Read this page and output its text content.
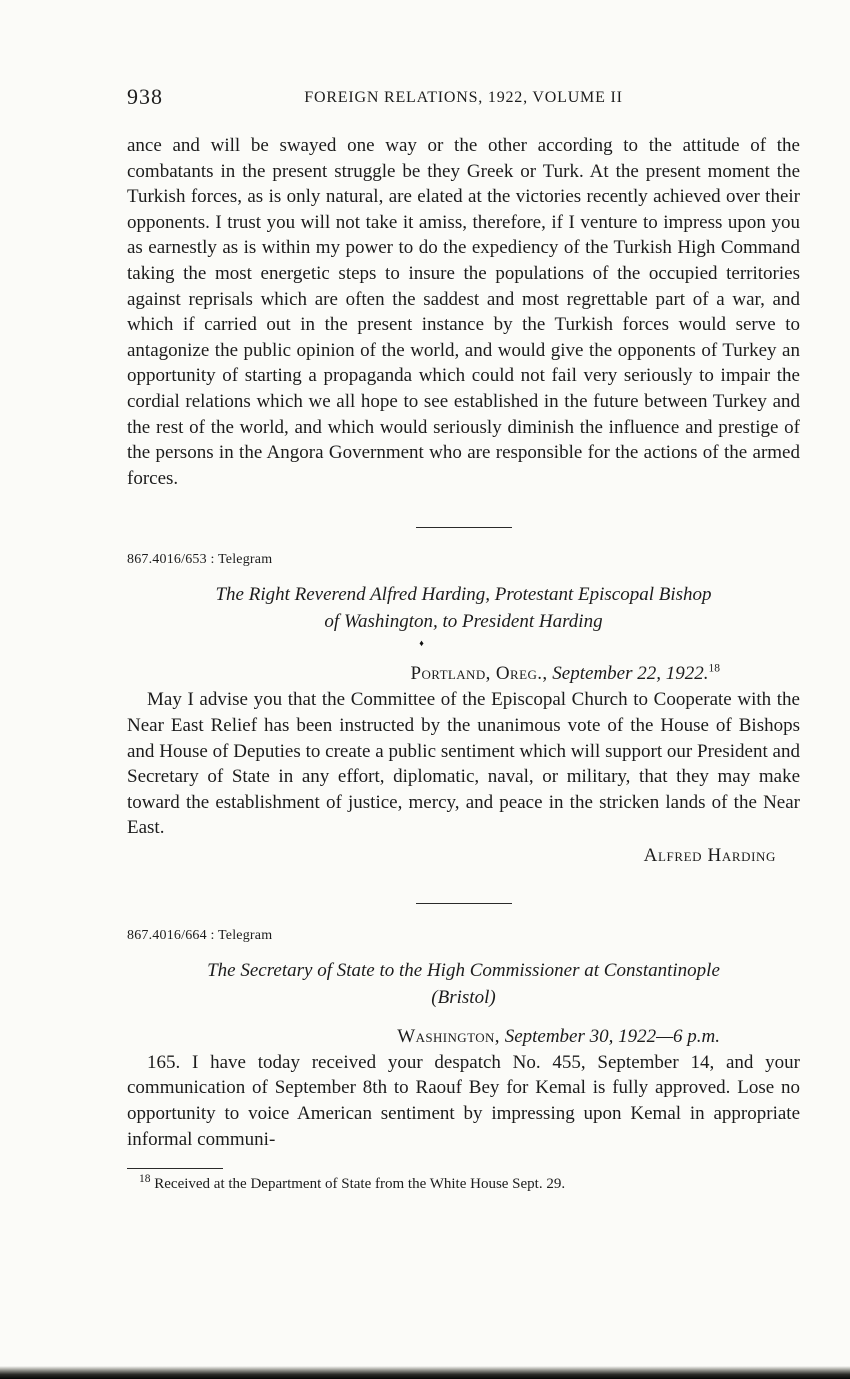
938	FOREIGN RELATIONS, 1922, VOLUME II

ance and will be swayed one way or the other according to the attitude of the combatants in the present struggle be they Greek or Turk. At the present moment the Turkish forces, as is only natural, are elated at the victories recently achieved over their opponents. I trust you will not take it amiss, therefore, if I venture to impress upon you as earnestly as is within my power to do the expediency of the Turkish High Command taking the most energetic steps to insure the populations of the occupied territories against reprisals which are often the saddest and most regrettable part of a war, and which if carried out in the present instance by the Turkish forces would serve to antagonize the public opinion of the world, and would give the opponents of Turkey an opportunity of starting a propaganda which could not fail very seriously to impair the cordial relations which we all hope to see established in the future between Turkey and the rest of the world, and which would seriously diminish the influence and prestige of the persons in the Angora Government who are responsible for the actions of the armed forces.

867.4016/653 : Telegram

The Right Reverend Alfred Harding, Protestant Episcopal Bishop
of Washington, to President Harding
♦

Portland, Oreg., September 22, 1922.18

May I advise you that the Committee of the Episcopal Church to Cooperate with the Near East Relief has been instructed by the unanimous vote of the House of Bishops and House of Deputies to create a public sentiment which will support our President and Secretary of State in any effort, diplomatic, naval, or military, that they may make toward the establishment of justice, mercy, and peace in the stricken lands of the Near East.

Alfred Harding

867.4016/664 : Telegram

The Secretary of State to the High Commissioner at Constantinople
(Bristol)

Washington, September 30, 1922—6 p.m.

165. I have today received your despatch No. 455, September 14, and your communication of September 8th to Raouf Bey for Kemal is fully approved. Lose no opportunity to voice American sentiment by impressing upon Kemal in appropriate informal communi-

$^{18}$ Received at the Department of State from the White House Sept. 29.
